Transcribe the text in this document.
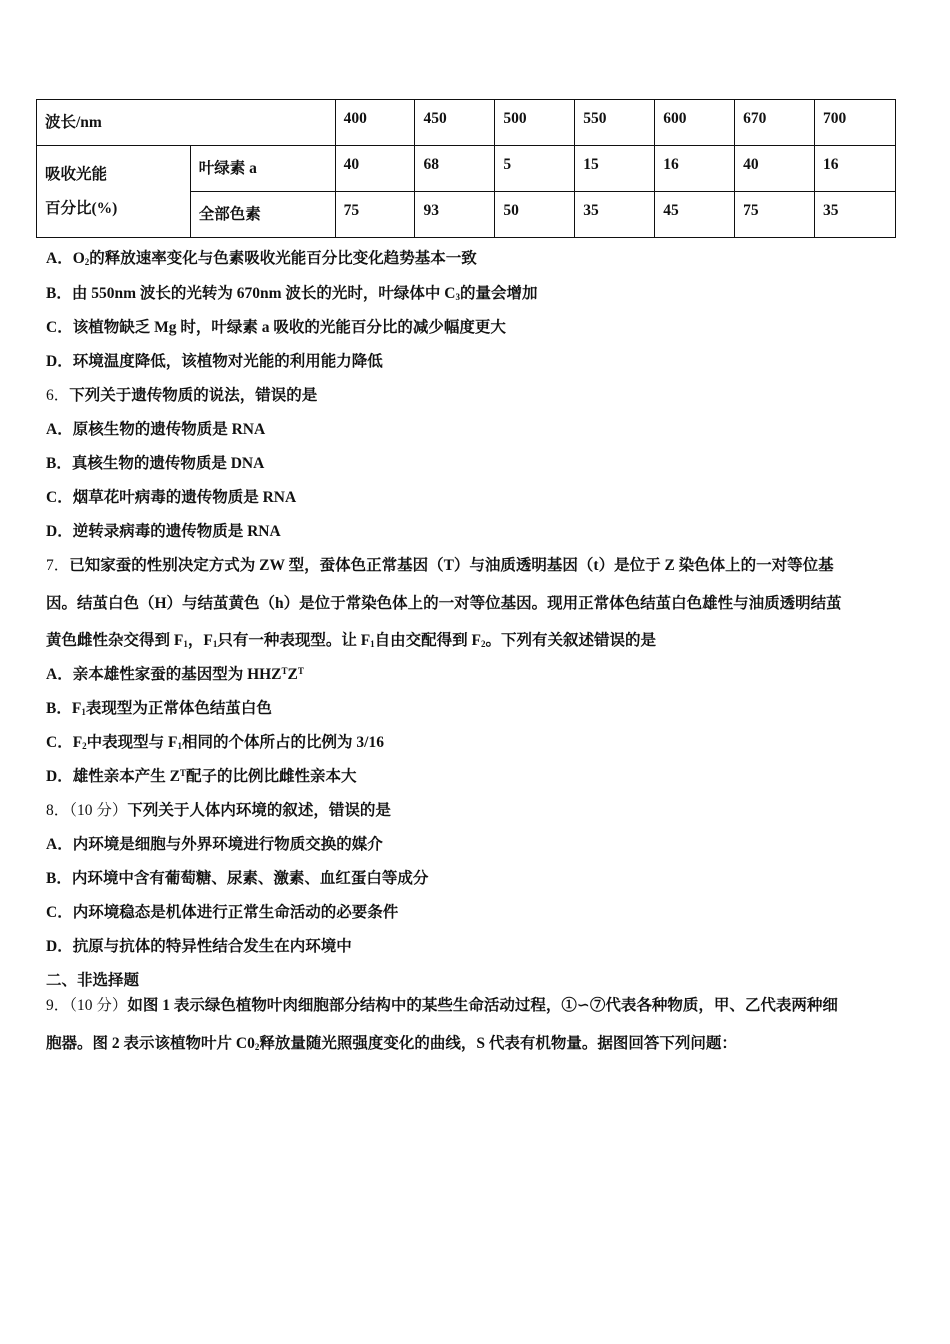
波长/nm		400	450	500	550	600	670	700

吸收光能
百分比(%)	叶绿素 a	40	68	5	15	16	40	16
	全部色素	75	93	50	35	45	75	35
A．$O_2$的释放速率变化与色素吸收光能百分比变化趋势基本一致
B．由 550nm 波长的光转为 670nm 波长的光时，叶绿体中 $C_3$的量会增加
C．该植物缺乏 Mg 时，叶绿素 a 吸收的光能百分比的减少幅度更大
D．环境温度降低，该植物对光能的利用能力降低
6．下列关于遗传物质的说法，错误的是
A．原核生物的遗传物质是 RNA
B．真核生物的遗传物质是 DNA
C．烟草花叶病毒的遗传物质是 RNA
D．逆转录病毒的遗传物质是 RNA
7．已知家蚕的性别决定方式为 ZW 型，蚕体色正常基因（T）与油质透明基因（t）是位于 Z 染色体上的一对等位基
因。结茧白色（H）与结茧黄色（h）是位于常染色体上的一对等位基因。现用正常体色结茧白色雄性与油质透明结茧
黄色雌性杂交得到 $F_1$，$F_1$只有一种表现型。让 $F_1$自由交配得到 $F_2$。下列有关叙述错误的是
A．亲本雄性家蚕的基因型为 $HHZ^TZ^T$
B．$F_1$表现型为正常体色结茧白色
C．$F_2$中表现型与 $F_1$相同的个体所占的比例为 3/16
D．雄性亲本产生 $Z^T$配子的比例比雌性亲本大
8．（10 分）下列关于人体内环境的叙述，错误的是
A．内环境是细胞与外界环境进行物质交换的媒介
B．内环境中含有葡萄糖、尿素、激素、血红蛋白等成分
C．内环境稳态是机体进行正常生命活动的必要条件
D．抗原与抗体的特异性结合发生在内环境中
二、非选择题
9．（10 分）如图 1 表示绿色植物叶肉细胞部分结构中的某些生命活动过程，①∽⑦代表各种物质，甲、乙代表两种细
胞器。图 2 表示该植物叶片 $C0_2$释放量随光照强度变化的曲线，S 代表有机物量。据图回答下列问题：
